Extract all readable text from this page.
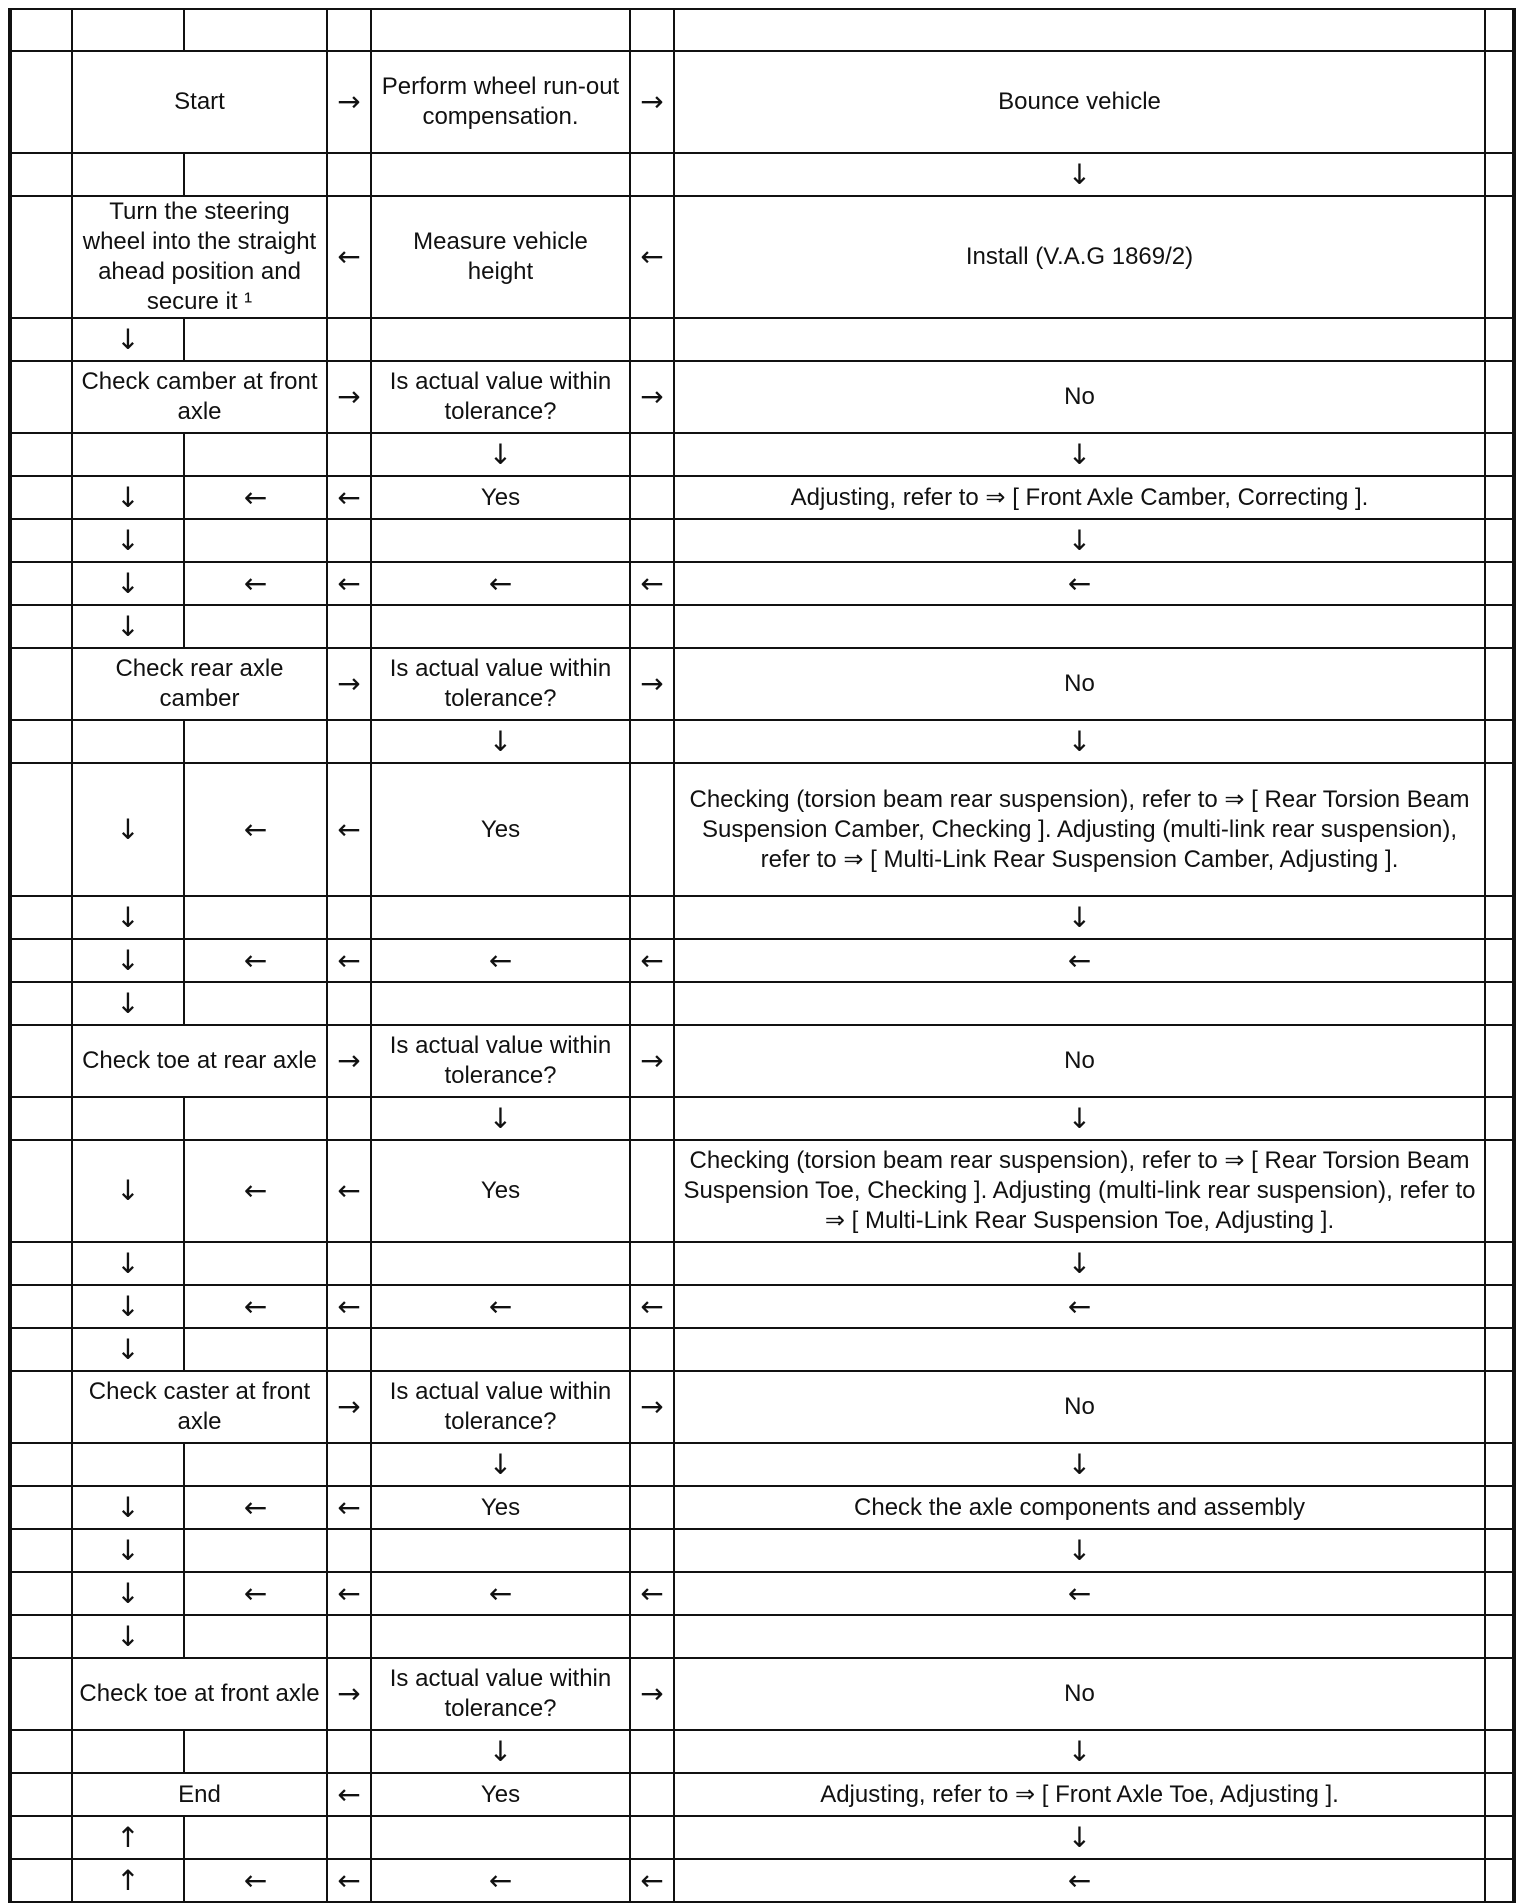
	Start		→	Perform wheel run-out compensation.	→	Bounce vehicle	
						↓	
	Turn the steering wheel into the straight ahead position and secure it ¹		←	Measure vehicle height	←	Install (V.A.G 1869/2)	
	↓						
	Check camber at front axle		→	Is actual value within tolerance?	→	No	
				↓		↓	
	↓	←	←	Yes		Adjusting, refer to ⇒ [ Front Axle Camber, Correcting ].	
	↓					↓	
	↓	←	←	←	←	←	
	↓						
	Check rear axle camber		→	Is actual value within tolerance?	→	No	
				↓		↓	
	↓	←	←	Yes		Checking (torsion beam rear suspension), refer to ⇒ [ Rear Torsion Beam Suspension Camber, Checking ]. Adjusting (multi-link rear suspension), refer to ⇒ [ Multi-Link Rear Suspension Camber, Adjusting ].	
	↓					↓	
	↓	←	←	←	←	←	
	↓						
	Check toe at rear axle		→	Is actual value within tolerance?	→	No	
				↓		↓	
	↓	←	←	Yes		Checking (torsion beam rear suspension), refer to ⇒ [ Rear Torsion Beam Suspension Toe, Checking ]. Adjusting (multi-link rear suspension), refer to ⇒ [ Multi-Link Rear Suspension Toe, Adjusting ].	
	↓					↓	
	↓	←	←	←	←	←	
	↓						
	Check caster at front axle		→	Is actual value within tolerance?	→	No	
				↓		↓	
	↓	←	←	Yes		Check the axle components and assembly	
	↓					↓	
	↓	←	←	←	←	←	
	↓						
	Check toe at front axle		→	Is actual value within tolerance?	→	No	
				↓		↓	
	End		←	Yes		Adjusting, refer to ⇒ [ Front Axle Toe, Adjusting ].	
	↑					↓	
	↑	←	←	←	←	←	
